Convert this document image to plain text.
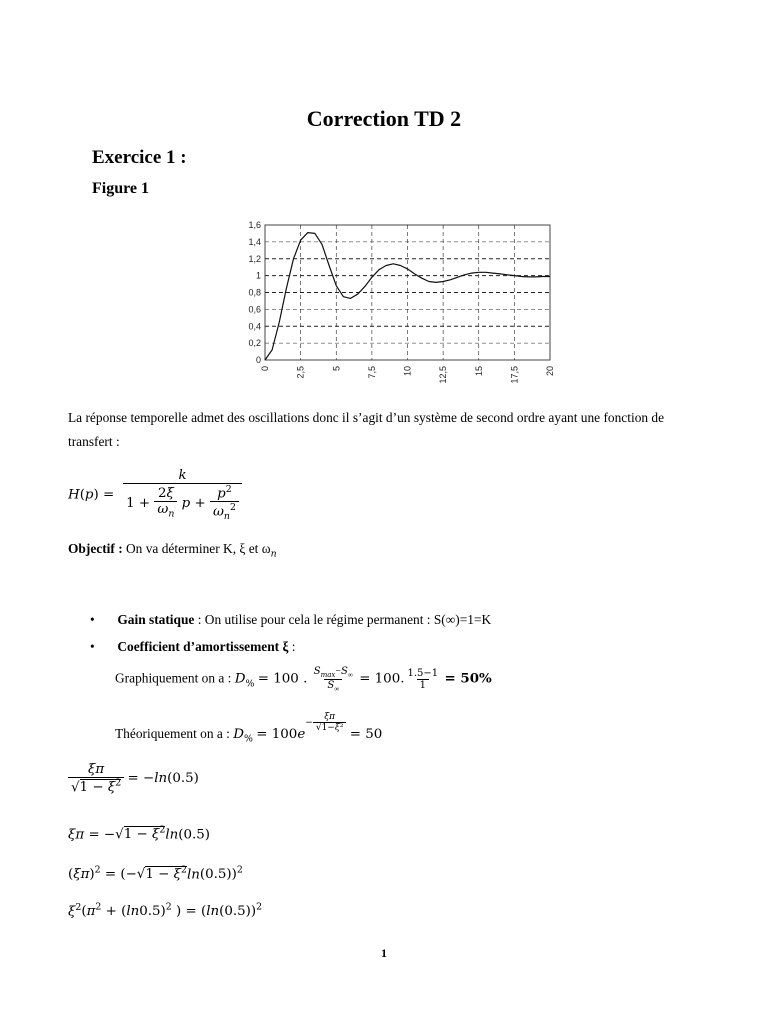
Correction TD 2
Exercice 1 :
Figure 1
0
0,2
0,4
0,6
0,8
1
1,2
1,4
1,6
0	2,5	5	7,5	10	12,5	15	17,5	20
La réponse temporelle admet des oscillations donc il s’agit d’un système de second ordre ayant une fonction de transfert :
$H(p) = \frac{k}{1 + \frac{2\xi}{\omega_n} p + \frac{p^2}{\omega_n^2}}$
Objectif : On va déterminer K, ξ et $\omega_n$
• Gain statique : On utilise pour cela le régime permanent : S(∞)=1=K
• Coefficient d’amortissement ξ :
Graphiquement on a : $D_{\%} = 100$ . $\frac{S_{max}-S_\infty}{S_\infty} = 100$. $\frac{1.5-1}{1} = 50\%$
Théoriquement on a : $D_{\%} = 100e^{- \frac{\xi\pi}{\text{√1−ξ²}}}$
= 50
$\frac{\xi\pi}{√1 - \xi^2} = -\ln(0.5)$
$\xi\pi = -√1 - \xi^2\ln(0.5)$
$(\xi\pi)^2 = (-√1 - \xi^2\ln(0.5))^2$
$\xi^2(\pi^2 + (\ln 0.5)^2$ ) = $(\ln(0.5))^2$
1
